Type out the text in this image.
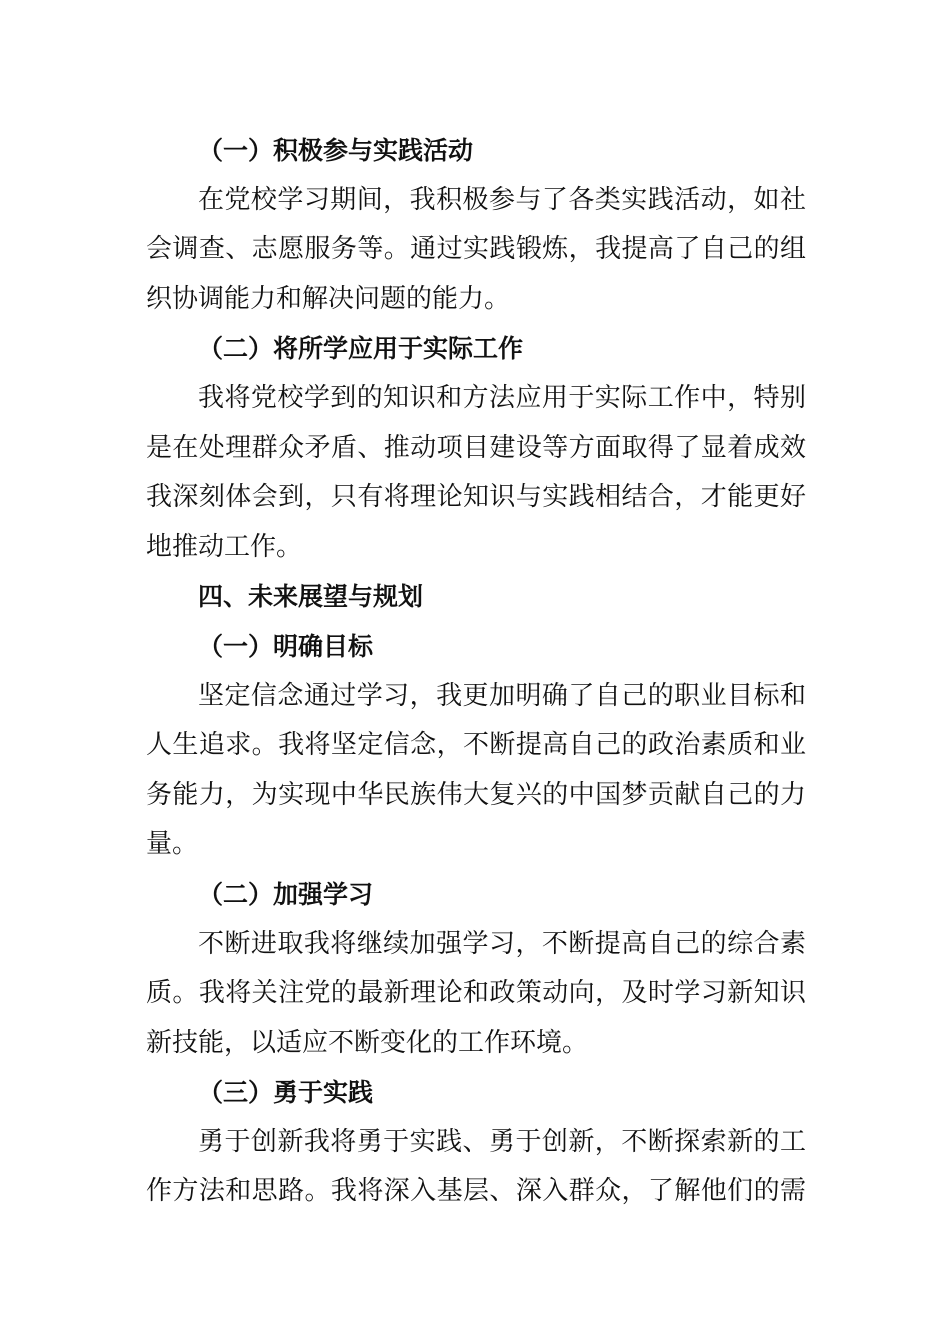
（一）积极参与实践活动
在党校学习期间，我积极参与了各类实践活动，如社
会调查、志愿服务等。通过实践锻炼，我提高了自己的组
织协调能力和解决问题的能力。
（二）将所学应用于实际工作
我将党校学到的知识和方法应用于实际工作中，特别
是在处理群众矛盾、推动项目建设等方面取得了显着成效
我深刻体会到，只有将理论知识与实践相结合，才能更好
地推动工作。
四、未来展望与规划
（一）明确目标
坚定信念通过学习，我更加明确了自己的职业目标和
人生追求。我将坚定信念，不断提高自己的政治素质和业
务能力，为实现中华民族伟大复兴的中国梦贡献自己的力
量。
（二）加强学习
不断进取我将继续加强学习，不断提高自己的综合素
质。我将关注党的最新理论和政策动向，及时学习新知识
新技能，以适应不断变化的工作环境。
（三）勇于实践
勇于创新我将勇于实践、勇于创新，不断探索新的工
作方法和思路。我将深入基层、深入群众，了解他们的需
